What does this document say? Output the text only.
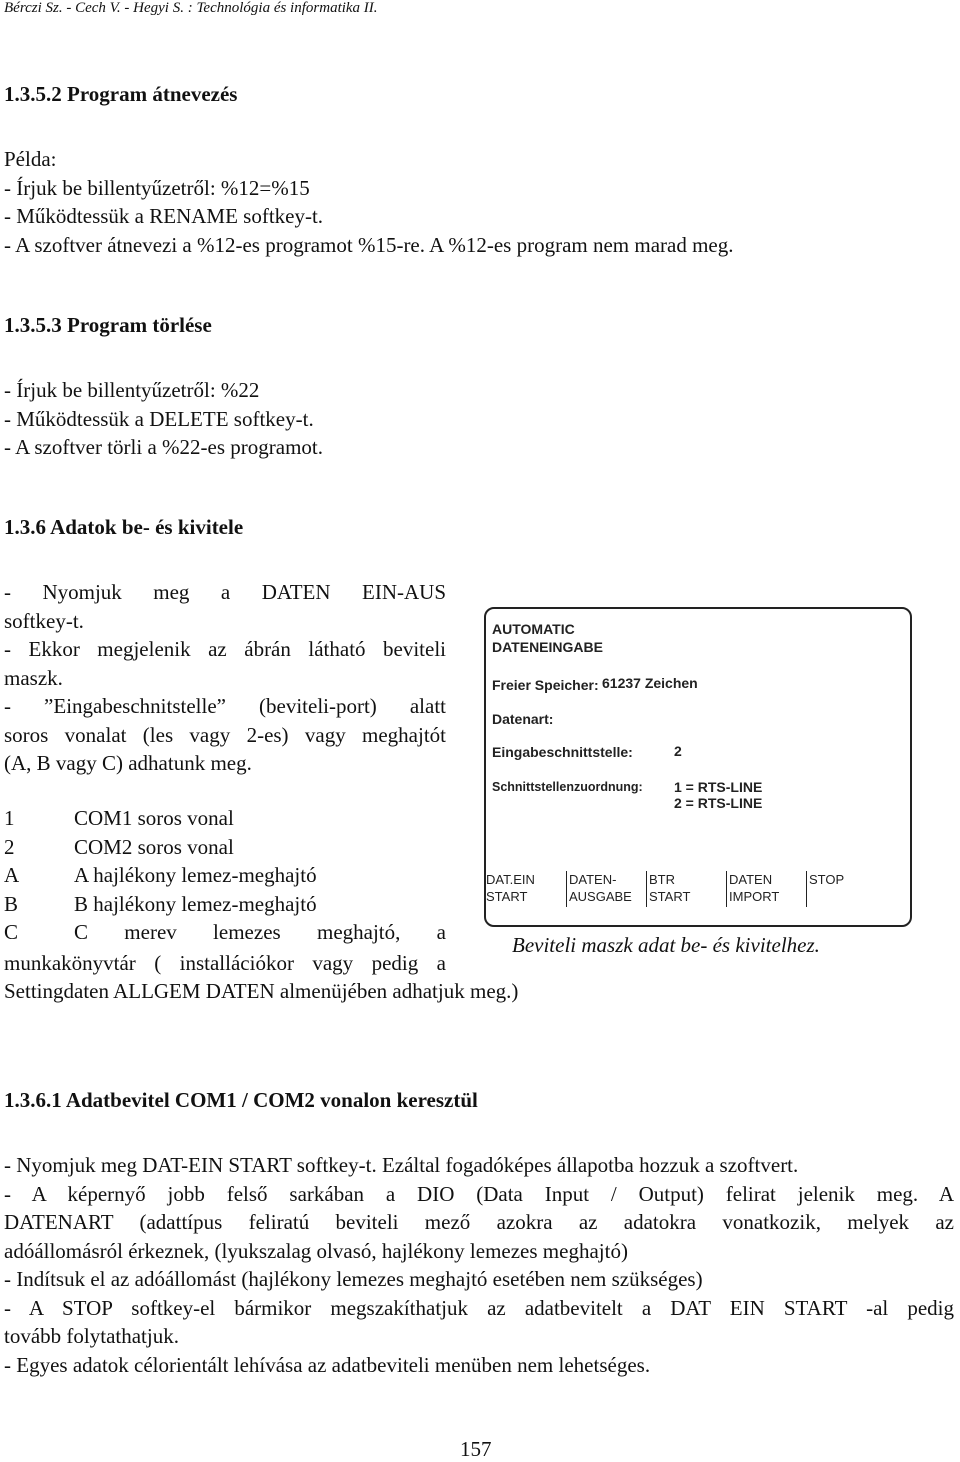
Bérczi Sz. - Cech V. - Hegyi S. : Technológia és informatika II.
1.3.5.2 Program átnevezés
Példa:
- Írjuk be billentyűzetről: %12=%15
- Működtessük a RENAME softkey-t.
- A szoftver átnevezi a %12-es programot %15-re. A %12-es program nem marad meg.
1.3.5.3 Program törlése
- Írjuk be billentyűzetről: %22
- Működtessük a DELETE softkey-t.
- A szoftver törli a %22-es programot.
1.3.6 Adatok be- és kivitele
- Nyomjuk meg a DATEN EIN-AUS
softkey-t.
- Ekkor megjelenik az ábrán látható beviteli
maszk.
- ”Eingabeschnitstelle” (beviteli-port) alatt
soros vonalat (les vagy 2-es) vagy meghajtót
(A, B vagy C) adhatunk meg.
1	COM1 soros vonal
2	COM2 soros vonal
A	A hajlékony lemez-meghajtó
B	B hajlékony lemez-meghajtó
C	C merev lemezes meghajtó, a
munkakönyvtár ( installációkor vagy pedig a
Settingdaten ALLGEM DATEN almenüjében adhatjuk meg.)
AUTOMATIC
DATENEINGABE
Freier Speicher: 61237 Zeichen
Datenart:
Eingabeschnittstelle:	2
Schnittstellenzuordnung: 1 = RTS-LINE
2 = RTS-LINE
DAT.EIN
START
DATEN-
AUSGABE
BTR
START
DATEN
IMPORT
STOP
Beviteli maszk adat be- és kivitelhez.
1.3.6.1 Adatbevitel COM1 / COM2 vonalon keresztül
- Nyomjuk meg DAT-EIN START softkey-t. Ezáltal fogadóképes állapotba hozzuk a szoftvert.
- A képernyő jobb felső sarkában a DIO (Data Input / Output) felirat jelenik meg. A
DATENART (adattípus feliratú beviteli mező azokra az adatokra vonatkozik, melyek az
adóállomásról érkeznek, (lyukszalag olvasó, hajlékony lemezes meghajtó)
- Indítsuk el az adóállomást (hajlékony lemezes meghajtó esetében nem szükséges)
- A STOP softkey-el bármikor megszakíthatjuk az adatbevitelt a DAT EIN START -al pedig
tovább folytathatjuk.
- Egyes adatok célorientált lehívása az adatbeviteli menüben nem lehetséges.
157
